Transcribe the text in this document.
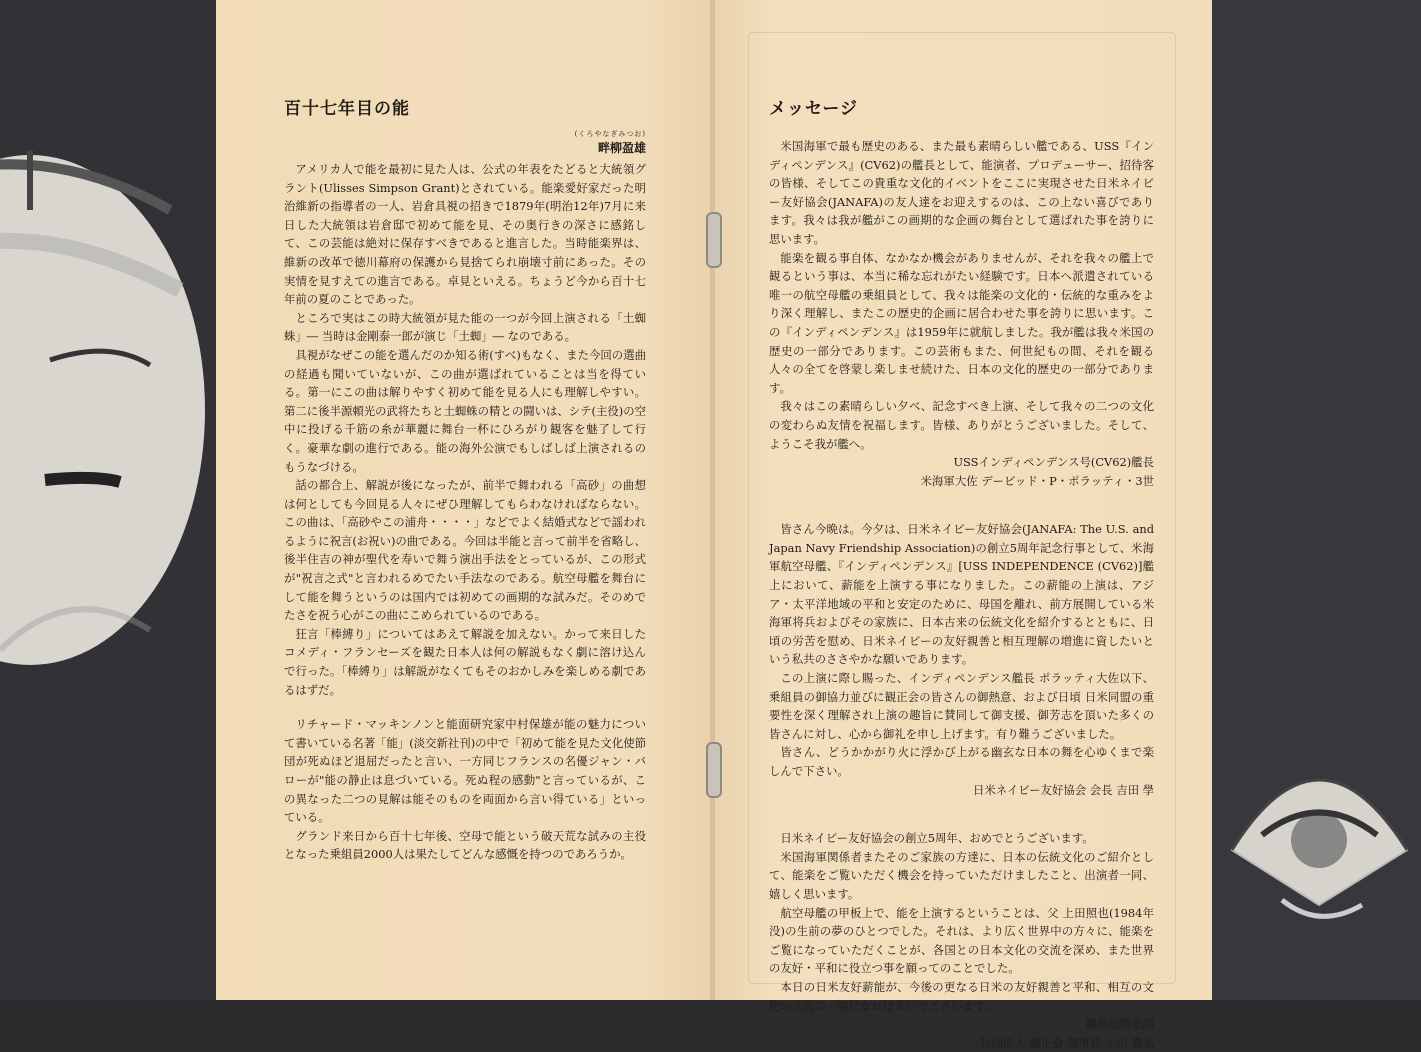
百十七年目の能
(くろやなぎみつお)
畔柳盈雄

アメリカ人で能を最初に見た人は、公式の年表をたどると大統領グラント(Ulisses Simpson Grant)とされている。能楽愛好家だった明治維新の指導者の一人、岩倉具視の招きで1879年(明治12年)7月に来日した大統領は岩倉邸で初めて能を見、その奥行きの深さに感銘して、この芸能は絶対に保存すべきであると進言した。当時能楽界は、維新の改革で徳川幕府の保護から見捨てられ崩壊寸前にあった。その実情を見すえての進言である。卓見といえる。ちょうど今から百十七年前の夏のことであった。

ところで実はこの時大統領が見た能の一つが今回上演される「土蜘蛛」― 当時は金剛泰一郎が演じ「土蜘」― なのである。

具視がなぜこの能を選んだのか知る術(すべ)もなく、また今回の選曲の経過も聞いていないが、この曲が選ばれていることは当を得ている。第一にこの曲は解りやすく初めて能を見る人にも理解しやすい。第二に後半源頼光の武将たちと土蜘蛛の精との闘いは、シテ(主役)の空中に投げる千筋の糸が華麗に舞台一杯にひろがり観客を魅了して行く。豪華な劇の進行である。能の海外公演でもしばしば上演されるのもうなづける。

話の都合上、解説が後になったが、前半で舞われる「高砂」の曲想は何としても今回見る人々にぜひ理解してもらわなければならない。この曲は、「高砂やこの浦舟・・・・」などでよく結婚式などで謡われるように祝言(お祝い)の曲である。今回は半能と言って前半を省略し、後半住吉の神が聖代を寿いで舞う演出手法をとっているが、この形式が"祝言之式"と言われるめでたい手法なのである。航空母艦を舞台にして能を舞うというのは国内では初めての画期的な試みだ。そのめでたさを祝う心がこの曲にこめられているのである。

狂言「棒縛り」についてはあえて解説を加えない。かって来日したコメディ・フランセーズを観た日本人は何の解説もなく劇に溶け込んで行った。「棒縛り」は解説がなくてもそのおかしみを楽しめる劇であるはずだ。

リチャード・マッキンノンと能面研究家中村保雄が能の魅力について書いている名著「能」(淡交新社刊)の中で「初めて能を見た文化使節団が死ぬほど退屈だったと言い、一方同じフランスの名優ジャン・バローが"能の静止は息づいている。死ぬ程の感動"と言っているが、この異なった二つの見解は能そのものを両面から言い得ている」といっている。

グランド来日から百十七年後、空母で能という破天荒な試みの主役となった乗組員2000人は果たしてどんな感慨を持つのであろうか。

メッセージ

米国海軍で最も歴史のある、また最も素晴らしい艦である、USS『インディペンデンス』(CV62)の艦長として、能演者、プロデューサー、招待客の皆様、そしてこの貴重な文化的イベントをここに実現させた日米ネイビー友好協会(JANAFA)の友人達をお迎えするのは、この上ない喜びであります。我々は我が艦がこの画期的な企画の舞台として選ばれた事を誇りに思います。

能楽を観る事自体、なかなか機会がありませんが、それを我々の艦上で観るという事は、本当に稀な忘れがたい経験です。日本へ派遣されている唯一の航空母艦の乗組員として、我々は能楽の文化的・伝統的な重みをより深く理解し、またこの歴史的企画に居合わせた事を誇りに思います。この『インディペンデンス』は1959年に就航しました。我が艦は我々米国の歴史の一部分であります。この芸術もまた、何世紀もの間、それを観る人々の全てを啓蒙し楽しませ続けた、日本の文化的歴史の一部分であります。

我々はこの素晴らしい夕べ、記念すべき上演、そして我々の二つの文化の変わらぬ友情を祝福します。皆様、ありがとうございました。そして、ようこそ我が艦へ。

USSインディペンデンス号(CV62)艦長

米海軍大佐 デービッド・P・ポラッティ・3世

皆さん今晩は。今夕は、日米ネイビー友好協会(JANAFA: The U.S. and Japan Navy Friendship Association)の創立5周年記念行事として、米海軍航空母艦、『インディペンデンス』[USS INDEPENDENCE (CV62)]艦上において、薪能を上演する事になりました。この薪能の上演は、アジア・太平洋地域の平和と安定のために、母国を離れ、前方展開している米海軍将兵およびその家族に、日本古来の伝統文化を紹介するとともに、日頃の労苦を慰め、日米ネイビーの友好親善と相互理解の増進に資したいという私共のささやかな願いであります。

この上演に際し賜った、インディペンデンス艦長 ポラッティ大佐以下、乗組員の御協力並びに観正会の皆さんの御熱意、および日頃 日米同盟の重要性を深く理解され上演の趣旨に賛同して御支援、御芳志を頂いた多くの皆さんに対し、心から御礼を申し上げます。有り難うございました。

皆さん、どうかかがり火に浮かび上がる幽玄な日本の舞を心ゆくまで楽しんで下さい。

日米ネイビー友好協会 会長 吉田 學

日米ネイビー友好協会の創立5周年、おめでとうございます。

米国海軍関係者またそのご家族の方達に、日本の伝統文化のご紹介として、能楽をご覧いただく機会を持っていただけましたこと、出演者一同、嬉しく思います。

航空母艦の甲板上で、能を上演するということは、父 上田照也(1984年没)の生前の夢のひとつでした。それは、より広く世界中の方々に、能楽をご覧になっていただくことが、各国との日本文化の交流を深め、また世界の友好・平和に役立つ事を願ってのことでした。

本日の日米友好薪能が、今後の更なる日米の友好親善と平和、相互の文化の交流の一端になれば幸いでございます。

観世流能楽師

社団法人 観正会 理事長 上田 貴弘
